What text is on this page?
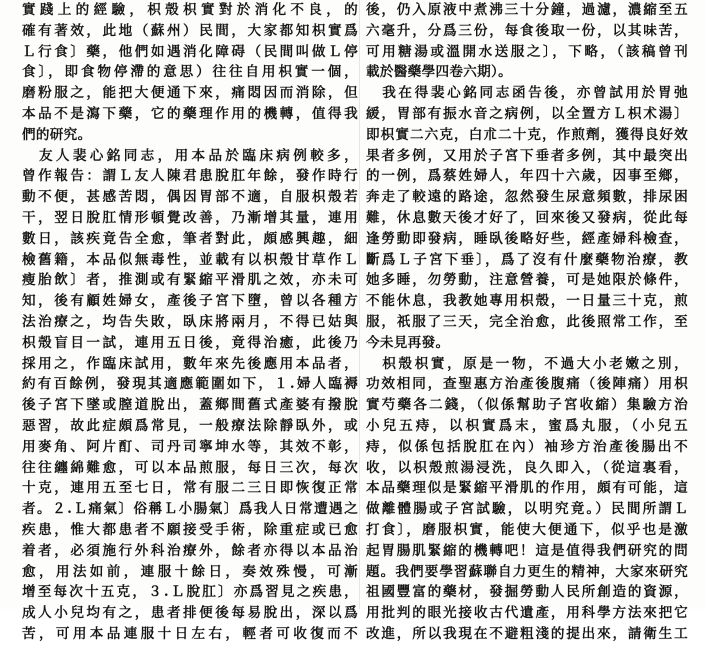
實踐上的經驗，枳殼枳實對於消化不良，的
確有著效，此地（蘇州）民間，大家都知枳實爲
Ｌ行食〕藥，他們如遇消化障碍（民間叫做Ｌ停
食〕，即食物停滯的意思）往往自用枳實一個，
磨粉服之，能把大便通下來，痛悶因而消除，但
本品不是瀉下藥，它的藥理作用的機轉，值得我
們的研究。
　友人裴心銘同志，用本品於臨床病例較多，
曾作報告：謂Ｌ友人陳君患脫肛年餘，發作時行
動不便，甚感苦悶，偶因胃部不適，自服枳殼若
干，翌日脫肛情形頓覺改善，乃漸增其量，連用
數日，該疾竟告全愈，筆者對此，頗感興趣，細
檢舊籍，本品似無毒性，並載有以枳殼甘草作Ｌ
瘦胎飲〕者，推測或有緊縮平滑肌之效，亦未可
知，後有顧姓婦女，產後子宮下墮，曾以各種方
法治療之，均告失敗，臥床將兩月，不得已姑與
枳殼盲目一試，連用五日後，竟得治癒，此後乃
採用之，作臨床試用，數年來先後應用本品者，
約有百餘例，發現其適應範圍如下，１.婦人臨褥
後子宮下墜或膣道脫出，蓋鄉間舊式產婆有撥脫
惡習，故此症頗爲常見，一般療法除靜臥外，或
用麥角、阿片酊、司丹司寧坤水等，其效不彰，
往往纏綿難愈，可以本品煎服，每日三次，每次
十克，連用五至七日，常有服二三日即恢復正常
者。２.Ｌ痛氣〕俗稱Ｌ小腸氣〕爲我人日常遭遇之
疾患，惟大都患者不願接受手術，除重症或已愈
着者，必須施行外科治療外，餘者亦得以本品治
愈，用法如前，連服十餘日，奏效殊慢，可漸
增至每次十五克，３.Ｌ脫肛〕亦爲習見之疾患，
成人小兒均有之，患者排便後每易脫出，深以爲
苦，可用本品連服十日左右，輕者可收復而不
後，仍入原液中煮沸三十分鐘，過濾，濃縮至五
六毫升，分爲三份，每食後取一份，以其味苦，
可用糖湯或溫開水送服之〕，下略，（該稿曾刊
載於醫藥學四卷六期）。
　我在得裴心銘同志函告後，亦曾試用於胃弛
緩，胃部有振水音之病例，以全置方Ｌ枳术湯〕
即枳實二六克，白朮二十克，作煎劑，獲得良好效
果者多例，又用於子宮下垂者多例，其中最突出
的一例，爲蔡姓婦人，年四十六歲，因事至鄉，
奔走了較遠的路途，忽然發生尿意頻數，排尿困
難，休息數天後才好了，回來後又發病，從此每
逢勞動即發病，睡臥後略好些，經產婦科檢查，
斷爲Ｌ子宮下垂〕，爲了沒有什麼藥物治療，教
她多睡，勿勞動，注意營養，可是她限於條件，
不能休息，我教她專用枳殼，一日量三十克，煎
服，祇服了三天，完全治愈，此後照常工作，至
今未見再發。
　枳殼枳實，原是一物，不過大小老嫩之別，
功效相同，查聖惠方治產後腹痛（後陣痛）用枳
實芍藥各二錢，（似係幫助子宮收縮）集驗方治
小兒五痔，以枳實爲末，蜜爲丸服，（小兒五
痔，似係包括脫肛在內）袖珍方治產後腸出不
收，以枳殼煎湯浸洗，良久即入，（從這裏看，
本品藥理似是緊縮平滑肌的作用，頗有可能，這
做離體腸或子宮試驗，以明究竟。）民間所謂Ｌ
打食〕，磨服枳實，能使大便通下，似乎也是激
起胃腸肌緊縮的機轉吧！這是值得我們研究的問
題。我們要學習蘇聯自力更生的精神，大家來研究
祖國豐富的藥材，發掘勞動人民所創造的資源，
用批判的眼光接收古代遺產，用科學方法來把它
改進，所以我現在不避粗淺的提出來，請衛生工
